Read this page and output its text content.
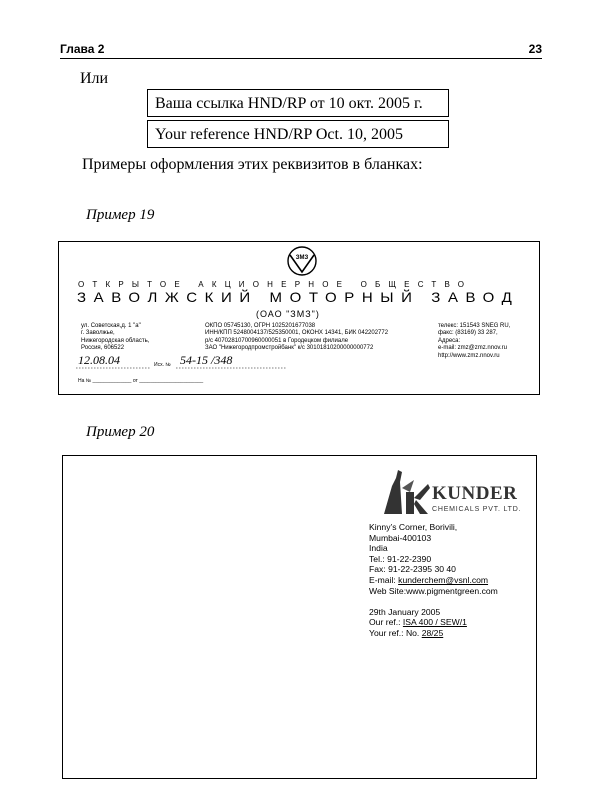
Глава 2	23
Или
Ваша ссылка HND/RP от 10 окт. 2005 г.
Your reference HND/RP Oct. 10, 2005
Примеры оформления этих реквизитов в бланках:
Пример 19
ЗМЗ
ОТКРЫТОЕ АКЦИОНЕРНОЕ ОБЩЕСТВО
ЗАВОЛЖСКИЙ МОТОРНЫЙ ЗАВОД
(ОАО "ЗМЗ")
ул. Советская,д. 1 "а"
г. Заволжье,
Нижегородская область,
Россия, 606522
ОКПО 05745130, ОГРН 1025201677038
ИНН/КПП 5248004137/525350001, ОКОНХ 14341, БИК 042202772
р/с 40702810700960000051 в Городецком филиале
ЗАО "Нижегородпромстройбанк" к/с 30101810200000000772
телекс: 151543 SNEG RU,
факс: (83169) 33 287,
Адреса:
e-mail: zmz@zmz.nnov.ru
http://www.zmz.nnov.ru
12.08.04	Исх. № 54-15 /348
На № ______________ от _______________________
Пример 20
KUNDER
CHEMICALS PVT. LTD.
Kinny’s Corner, Borivili,
Mumbai-400103
India
Tel.: 91-22-2390
Fax: 91-22-2395 30 40
E-mail: kunderchem@vsnl.com
Web Site:www.pigmentgreen.com
29th January 2005
Our ref.: ISA 400 / SEW/1
Your ref.: No. 28/25
